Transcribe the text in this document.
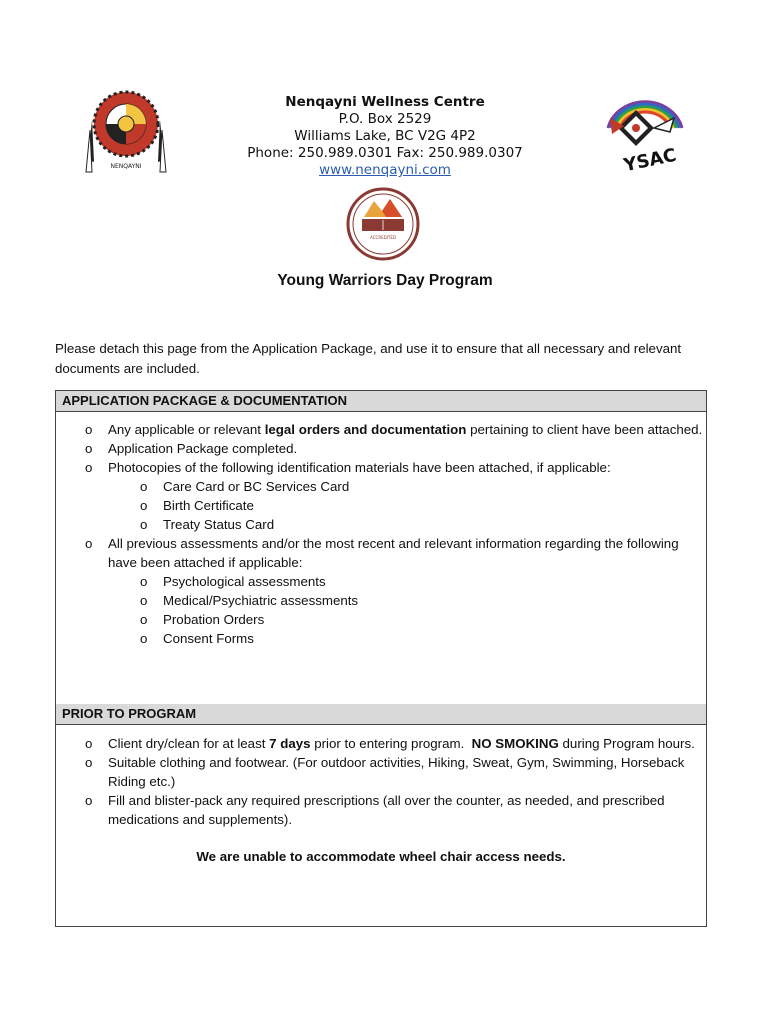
NENQAYNI	YSAC
ACCREDITED
Nenqayni Wellness Centre
P.O. Box 2529
Williams Lake, BC V2G 4P2
Phone: 250.989.0301 Fax: 250.989.0307
www.nenqayni.com
Young Warriors Day Program
Please detach this page from the Application Package, and use it to ensure that all necessary and relevant documents are included.
APPLICATION PACKAGE & DOCUMENTATION
o Any applicable or relevant legal orders and documentation pertaining to client have been attached.
o Application Package completed.
o Photocopies of the following identification materials have been attached, if applicable:
o Care Card or BC Services Card
o Birth Certificate
o Treaty Status Card
o All previous assessments and/or the most recent and relevant information regarding the following have been attached if applicable:
o Psychological assessments
o Medical/Psychiatric assessments
o Probation Orders
o Consent Forms
PRIOR TO PROGRAM
o Client dry/clean for at least 7 days prior to entering program.  NO SMOKING during Program hours.
o Suitable clothing and footwear. (For outdoor activities, Hiking, Sweat, Gym, Swimming, Horseback Riding etc.)
o Fill and blister-pack any required prescriptions (all over the counter, as needed, and prescribed medications and supplements).
We are unable to accommodate wheel chair access needs.
